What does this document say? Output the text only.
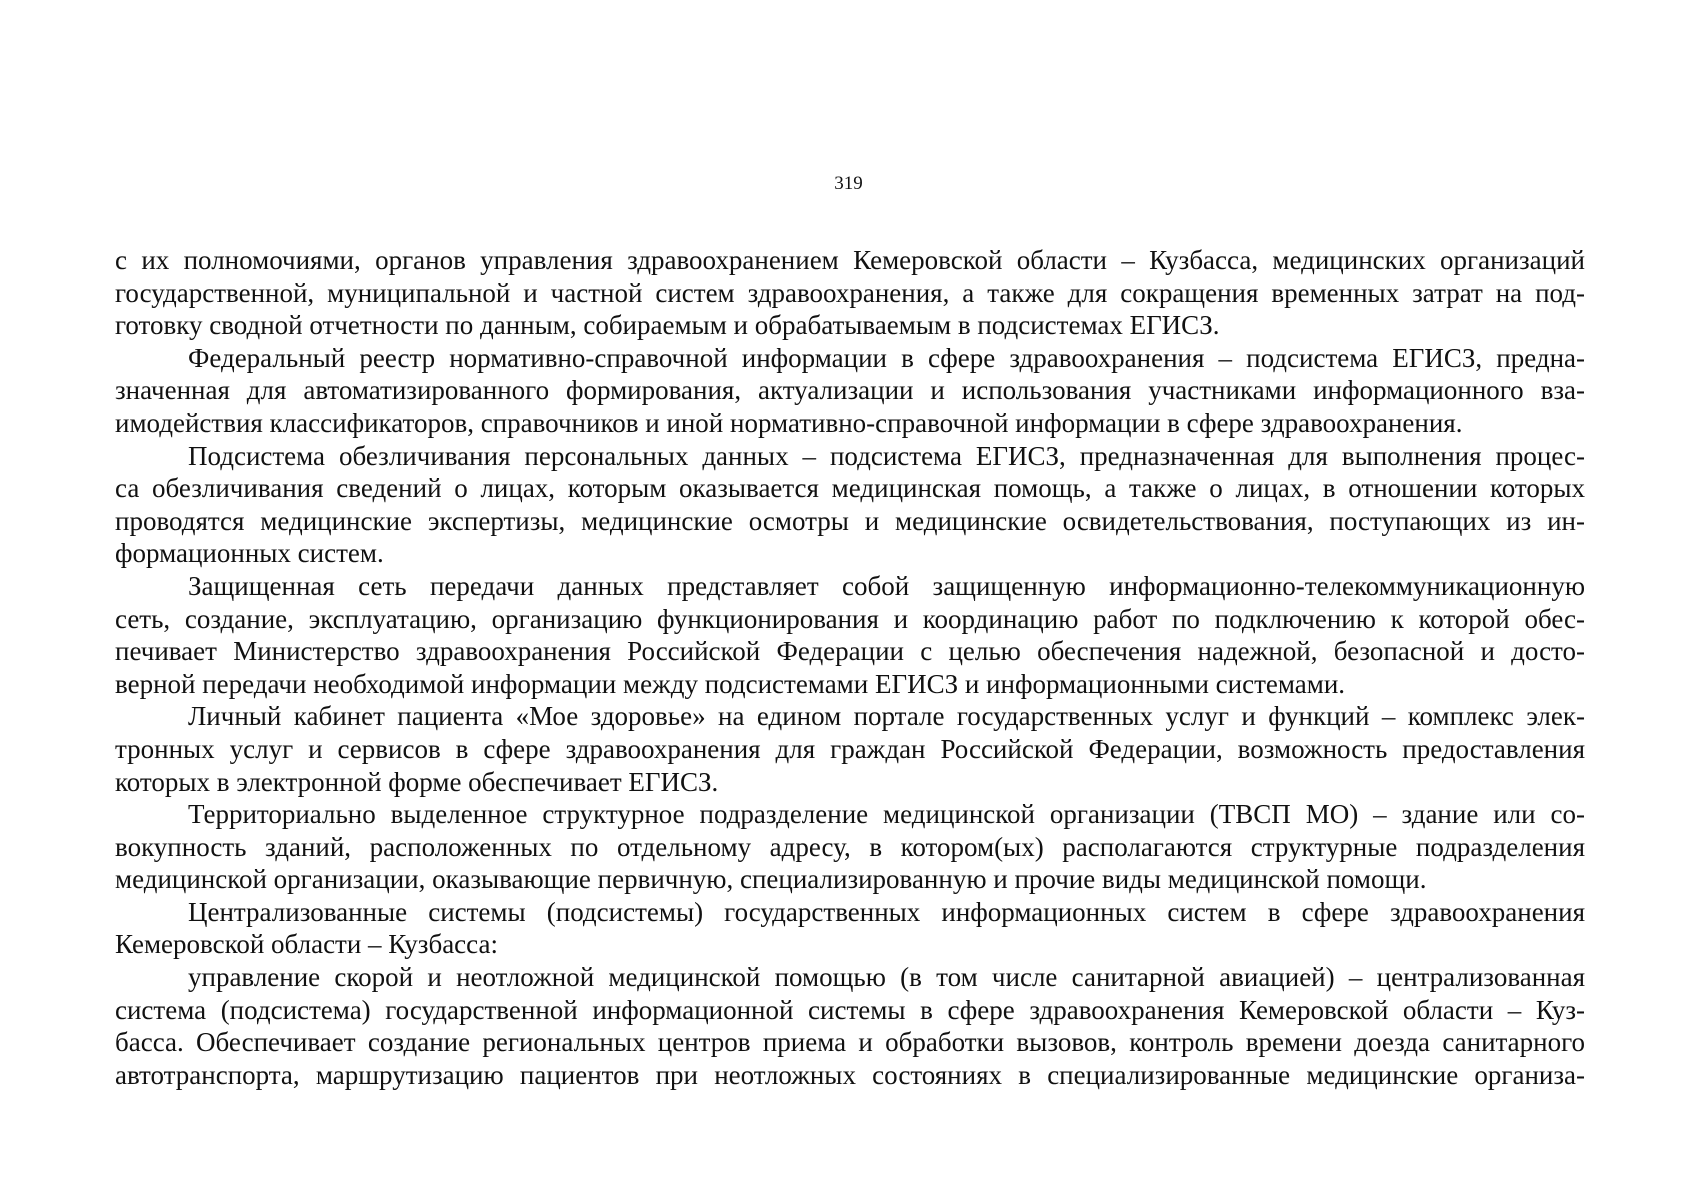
319
с их полномочиями, органов управления здравоохранением Кемеровской области – Кузбасса, медицинских организаций
государственной, муниципальной и частной систем здравоохранения, а также для сокращения временных затрат на под-
готовку сводной отчетности по данным, собираемым и обрабатываемым в подсистемах ЕГИСЗ.
Федеральный реестр нормативно-справочной информации в сфере здравоохранения – подсистема ЕГИСЗ, предна-
значенная для автоматизированного формирования, актуализации и использования участниками информационного вза-
имодействия классификаторов, справочников и иной нормативно-справочной информации в сфере здравоохранения.
Подсистема обезличивания персональных данных – подсистема ЕГИСЗ, предназначенная для выполнения процес-
са обезличивания сведений о лицах, которым оказывается медицинская помощь, а также о лицах, в отношении которых
проводятся медицинские экспертизы, медицинские осмотры и медицинские освидетельствования, поступающих из ин-
формационных систем.
Защищенная сеть передачи данных представляет собой защищенную информационно-телекоммуникационную
сеть, создание, эксплуатацию, организацию функционирования и координацию работ по подключению к которой обес-
печивает Министерство здравоохранения Российской Федерации с целью обеспечения надежной, безопасной и досто-
верной передачи необходимой информации между подсистемами ЕГИСЗ и информационными системами.
Личный кабинет пациента «Мое здоровье» на едином портале государственных услуг и функций – комплекс элек-
тронных услуг и сервисов в сфере здравоохранения для граждан Российской Федерации, возможность предоставления
которых в электронной форме обеспечивает ЕГИСЗ.
Территориально выделенное структурное подразделение медицинской организации (ТВСП МО) – здание или со-
вокупность зданий, расположенных по отдельному адресу, в котором(ых) располагаются структурные подразделения
медицинской организации, оказывающие первичную, специализированную и прочие виды медицинской помощи.
Централизованные системы (подсистемы) государственных информационных систем в сфере здравоохранения
Кемеровской области – Кузбасса:
управление скорой и неотложной медицинской помощью (в том числе санитарной авиацией) – централизованная
система (подсистема) государственной информационной системы в сфере здравоохранения Кемеровской области – Куз-
басса. Обеспечивает создание региональных центров приема и обработки вызовов, контроль времени доезда санитарного
автотранспорта, маршрутизацию пациентов при неотложных состояниях в специализированные медицинские организа-
